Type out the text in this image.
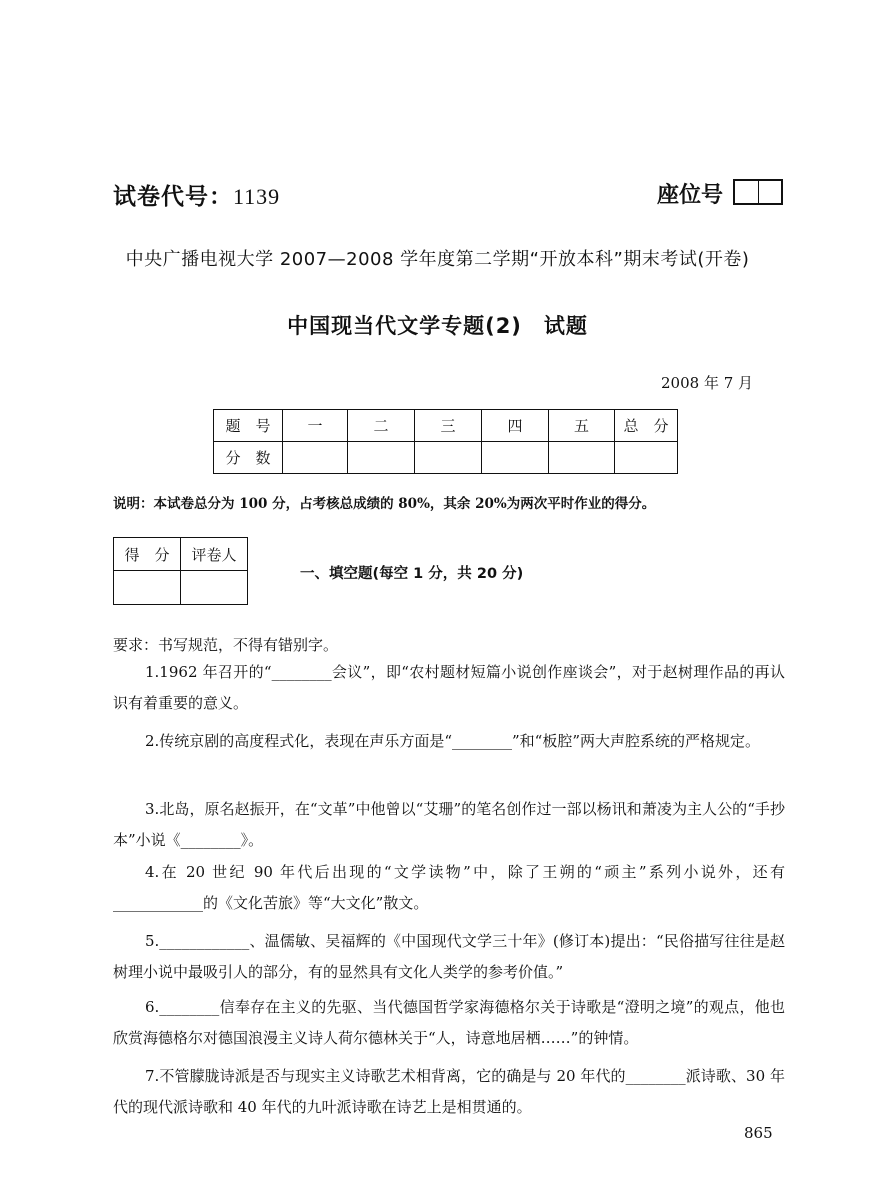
试卷代号：1139	座位号
中央广播电视大学 2007—2008 学年度第二学期“开放本科”期末考试(开卷)
中国现当代文学专题(2)　试题
2008 年 7 月
题　号	一	二	三	四	五	总　分
分　数						
说明：本试卷总分为 100 分，占考核总成绩的 80%，其余 20%为两次平时作业的得分。
得　分	评卷人

一、填空题(每空 1 分，共 20 分)
要求：书写规范，不得有错别字。
1.1962 年召开的“________会议”，即“农村题材短篇小说创作座谈会”，对于赵树理作品的再认识有着重要的意义。
2.传统京剧的高度程式化，表现在声乐方面是“________”和“板腔”两大声腔系统的严格规定。
3.北岛，原名赵振开，在“文革”中他曾以“艾珊”的笔名创作过一部以杨讯和萧凌为主人公的“手抄本”小说《________》。
4.在 20 世纪 90 年代后出现的“文学读物”中，除了王朔的“顽主”系列小说外，还有____________的《文化苦旅》等“大文化”散文。
5.____________、温儒敏、吴福辉的《中国现代文学三十年》(修订本)提出：“民俗描写往往是赵树理小说中最吸引人的部分，有的显然具有文化人类学的参考价值。”
6.________信奉存在主义的先驱、当代德国哲学家海德格尔关于诗歌是“澄明之境”的观点，他也欣赏海德格尔对德国浪漫主义诗人荷尔德林关于“人，诗意地居栖……”的钟情。
7.不管朦胧诗派是否与现实主义诗歌艺术相背离，它的确是与 20 年代的________派诗歌、30 年代的现代派诗歌和 40 年代的九叶派诗歌在诗艺上是相贯通的。
865
